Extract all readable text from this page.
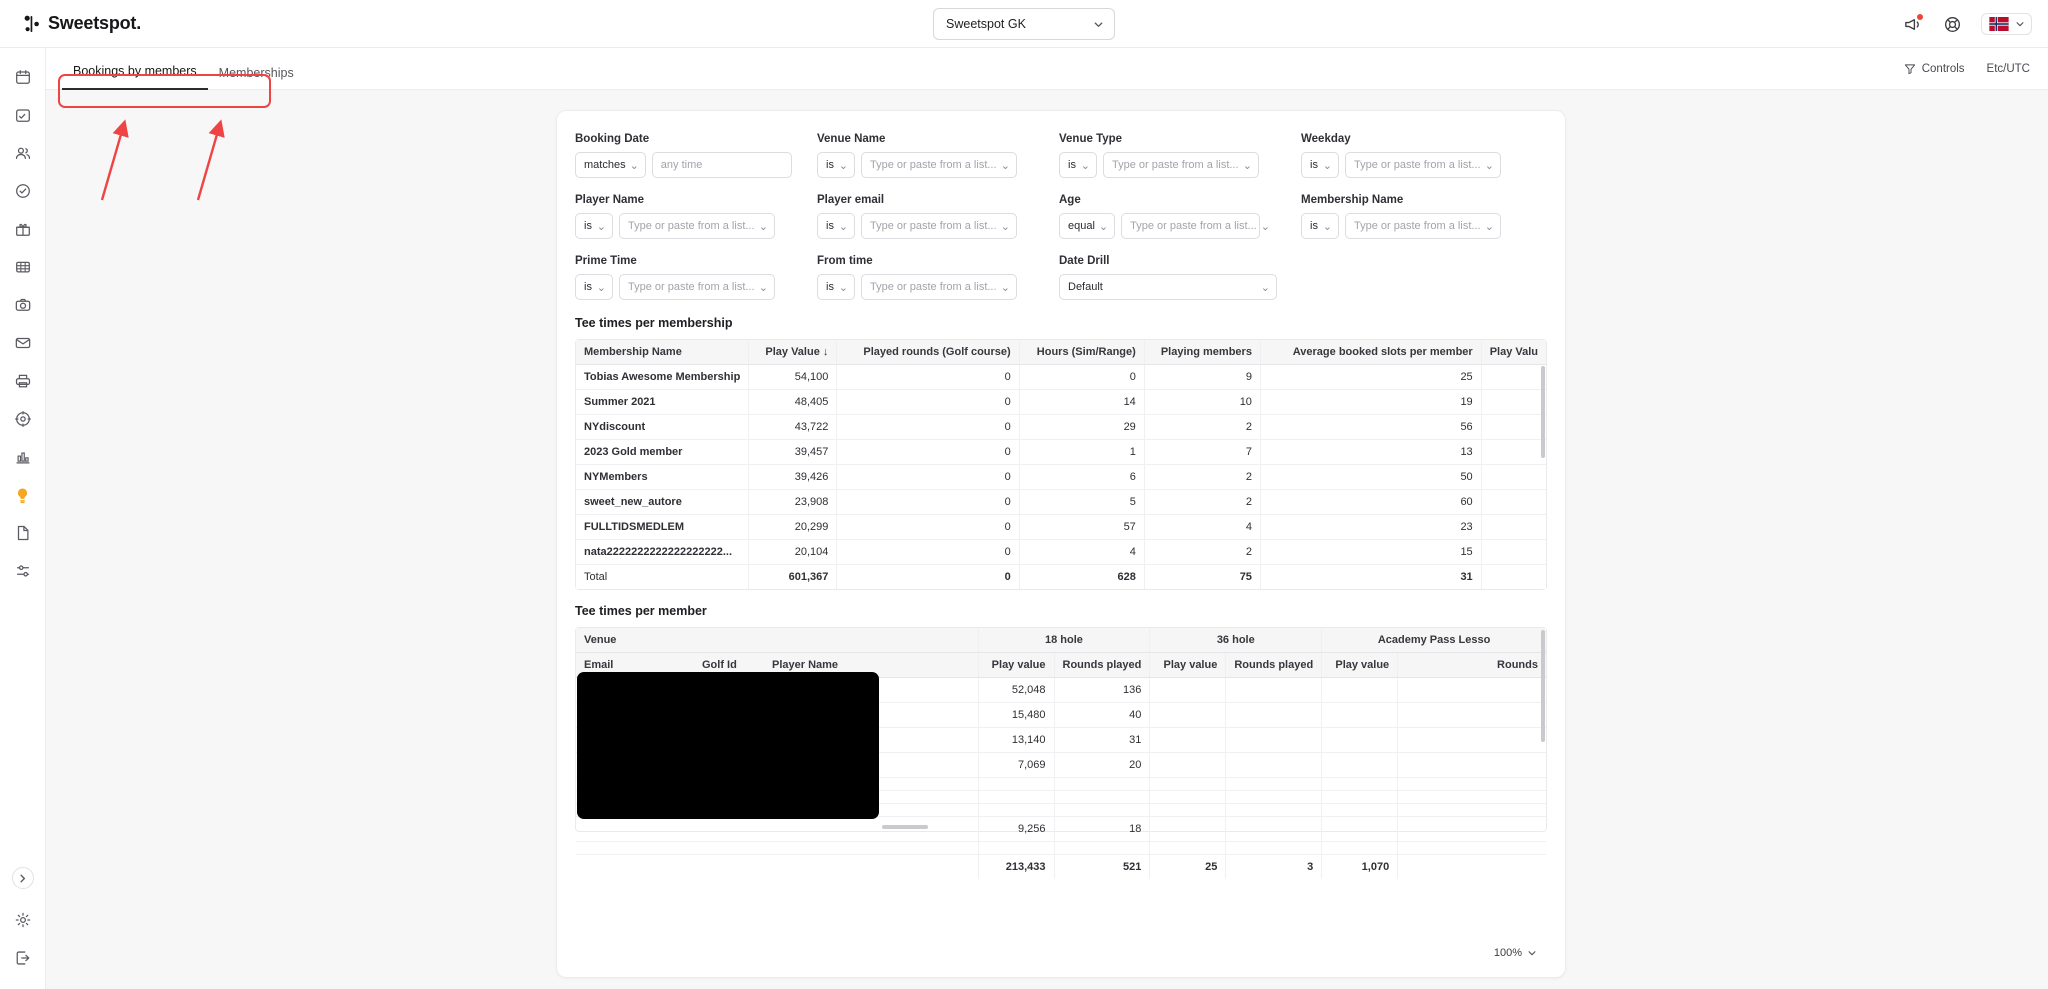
Sweetspot.	Sweetspot GK
Bookings by members	Memberships	Controls Etc/UTC
Booking Date
matches ⌄ any time
Venue Name
is ⌄ Type or paste from a list... ⌄
Venue Type
is ⌄ Type or paste from a list... ⌄
Weekday
is ⌄ Type or paste from a list... ⌄
Player Name
is ⌄ Type or paste from a list... ⌄
Player email
is ⌄ Type or paste from a list... ⌄
Age
equal ⌄ Type or paste from a list... ⌄
Membership Name
is ⌄ Type or paste from a list... ⌄
Prime Time
is ⌄ Type or paste from a list... ⌄
From time
is ⌄ Type or paste from a list... ⌄
Date Drill
Default	⌄
Tee times per membership
Membership Name	Play Value ↓	Played rounds (Golf course)	Hours (Sim/Range)	Playing members	Average booked slots per member	Play Valu
Tobias Awesome Membership	54,100	0	0	9	25	
Summer 2021	48,405	0	14	10	19	
NYdiscount	43,722	0	29	2	56	
2023 Gold member	39,457	0	1	7	13	
NYMembers	39,426	0	6	2	50	
sweet_new_autore	23,908	0	5	2	60	
FULLTIDSMEDLEM	20,299	0	57	4	23	
nata2222222222222222222...	20,104	0	4	2	15	
Total	601,367	0	628	75	31	
Tee times per member
Venue			18 hole		36 hole		Academy Pass Lesso	
Email	Golf Id	Player Name	Play value	Rounds played	Play value	Rounds played	Play value	Rounds
			52,048	136				
			15,480	40				
			13,140	31				
			7,069	20				

			9,256	18				

			213,433	521	25	3	1,070	
100%
